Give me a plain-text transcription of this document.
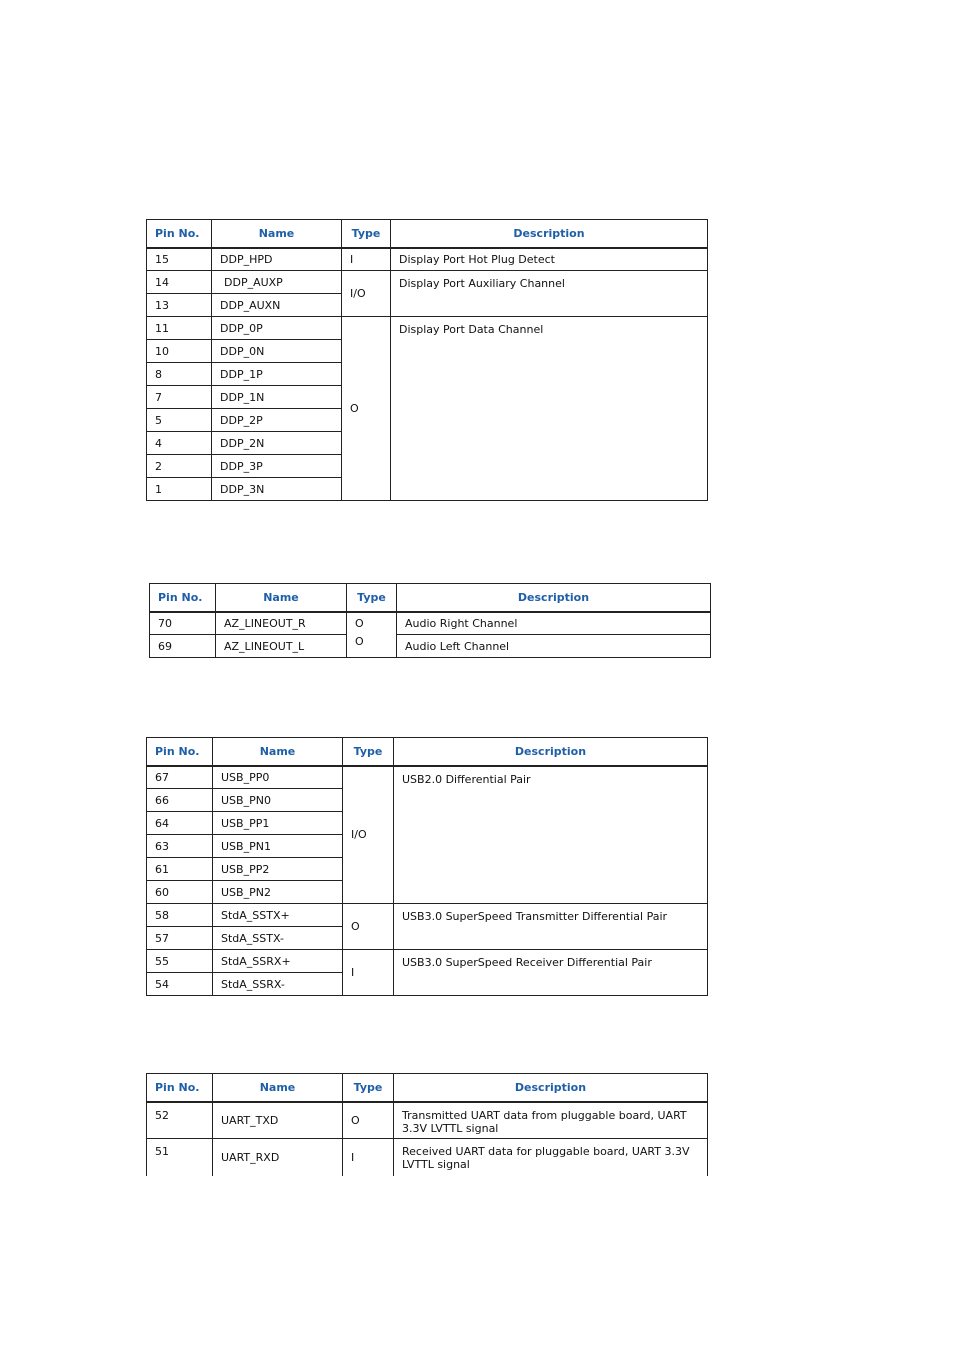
Pin No.	Name	Type	Description
15	DDP_HPD	I	Display Port Hot Plug Detect
14	DDP_AUXP	I/O	Display Port Auxiliary Channel
13	DDP_AUXN		
11	DDP_0P	O	Display Port Data Channel
10	DDP_0N		
8	DDP_1P		
7	DDP_1N		
5	DDP_2P		
4	DDP_2N		
2	DDP_3P		
1	DDP_3N		
Pin No.	Name	Type	Description
70	AZ_LINEOUT_R	O	Audio Right Channel
69	AZ_LINEOUT_L	O	Audio Left Channel
Pin No.	Name	Type	Description
67	USB_PP0	I/O	USB2.0 Differential Pair
66	USB_PN0		
64	USB_PP1		
63	USB_PN1		
61	USB_PP2		
60	USB_PN2		
58	StdA_SSTX+	O	USB3.0 SuperSpeed Transmitter Differential Pair
57	StdA_SSTX-		
55	StdA_SSRX+	I	USB3.0 SuperSpeed Receiver Differential Pair
54	StdA_SSRX-		
Pin No.	Name	Type	Description
52	UART_TXD	O	Transmitted UART data from pluggable board, UART 3.3V LVTTL signal
51	UART_RXD	I	Received UART data for pluggable board, UART 3.3V LVTTL signal
